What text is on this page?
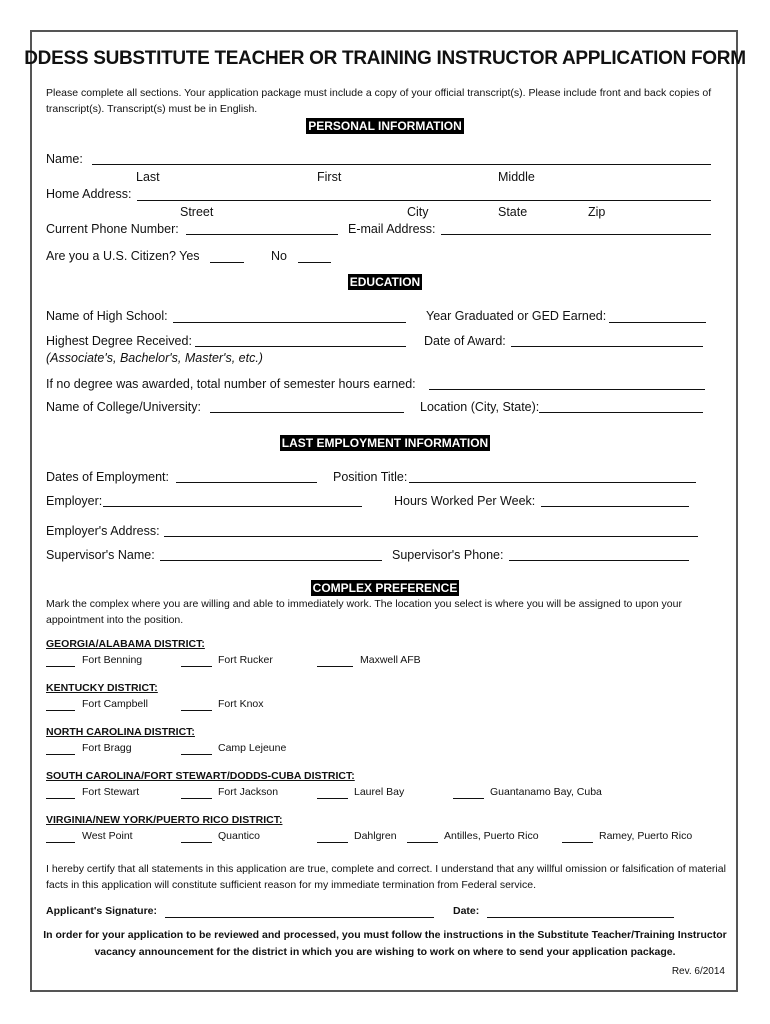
DDESS SUBSTITUTE TEACHER OR TRAINING INSTRUCTOR APPLICATION FORM
Please complete all sections. Your application package must include a copy of your official transcript(s). Please include front and back copies of transcript(s). Transcript(s) must be in English.
PERSONAL INFORMATION
Name:
Last	First	Middle
Home Address:
Street	City	State	Zip
Current Phone Number:	E-mail Address:
Are you a U.S. Citizen? Yes	No
EDUCATION
Name of High School:	Year Graduated or GED Earned:
Highest Degree Received:	Date of Award:
(Associate's, Bachelor's, Master's, etc.)
If no degree was awarded, total number of semester hours earned:
Name of College/University:	Location (City, State):
LAST EMPLOYMENT INFORMATION
Dates of Employment:	Position Title:
Employer:	Hours Worked Per Week:
Employer's Address:
Supervisor's Name:	Supervisor's Phone:
COMPLEX PREFERENCE
Mark the complex where you are willing and able to immediately work. The location you select is where you will be assigned to upon your appointment into the position.
GEORGIA/ALABAMA DISTRICT:
Fort Benning	Fort Rucker	Maxwell AFB
KENTUCKY DISTRICT:
Fort Campbell	Fort Knox
NORTH CAROLINA DISTRICT:
Fort Bragg	Camp Lejeune
SOUTH CAROLINA/FORT STEWART/DODDS-CUBA DISTRICT:
Fort Stewart	Fort Jackson	Laurel Bay	Guantanamo Bay, Cuba
VIRGINIA/NEW YORK/PUERTO RICO DISTRICT:
West Point	Quantico	Dahlgren	Antilles, Puerto Rico	Ramey, Puerto Rico
I hereby certify that all statements in this application are true, complete and correct. I understand that any willful omission or falsification of material facts in this application will constitute sufficient reason for my immediate termination from Federal service.
Applicant's Signature:	Date:
In order for your application to be reviewed and processed, you must follow the instructions in the Substitute Teacher/Training Instructor vacancy announcement for the district in which you are wishing to work on where to send your application package.
Rev. 6/2014
